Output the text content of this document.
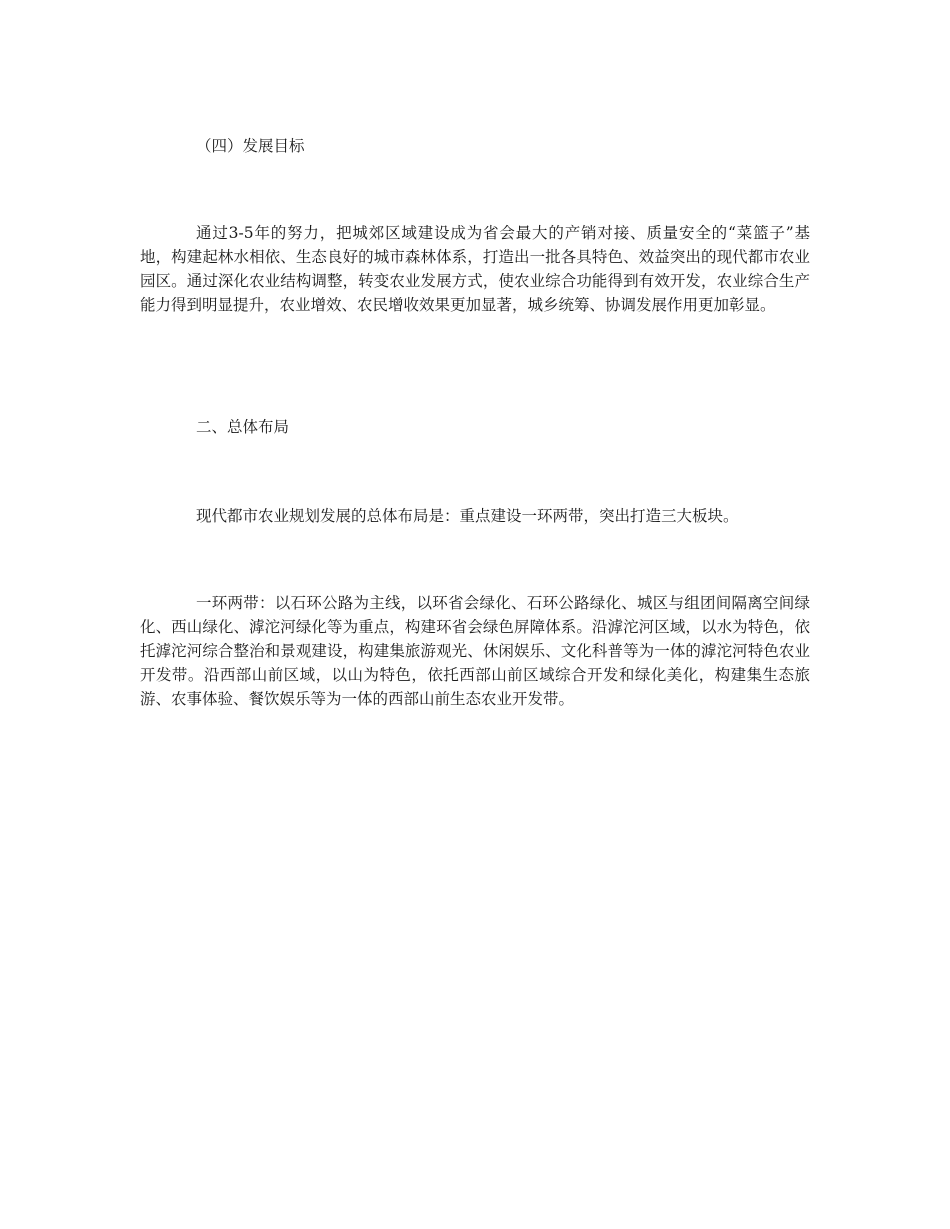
（四）发展目标

通过3-5年的努力，把城郊区域建设成为省会最大的产销对接、质量安全的“菜篮子”基地，构建起林水相依、生态良好的城市森林体系，打造出一批各具特色、效益突出的现代都市农业园区。通过深化农业结构调整，转变农业发展方式，使农业综合功能得到有效开发，农业综合生产能力得到明显提升，农业增效、农民增收效果更加显著，城乡统筹、协调发展作用更加彰显。

二、总体布局

现代都市农业规划发展的总体布局是：重点建设一环两带，突出打造三大板块。

一环两带：以石环公路为主线，以环省会绿化、石环公路绿化、城区与组团间隔离空间绿化、西山绿化、滹沱河绿化等为重点，构建环省会绿色屏障体系。沿滹沱河区域，以水为特色，依托滹沱河综合整治和景观建设，构建集旅游观光、休闲娱乐、文化科普等为一体的滹沱河特色农业开发带。沿西部山前区域，以山为特色，依托西部山前区域综合开发和绿化美化，构建集生态旅游、农事体验、餐饮娱乐等为一体的西部山前生态农业开发带。
